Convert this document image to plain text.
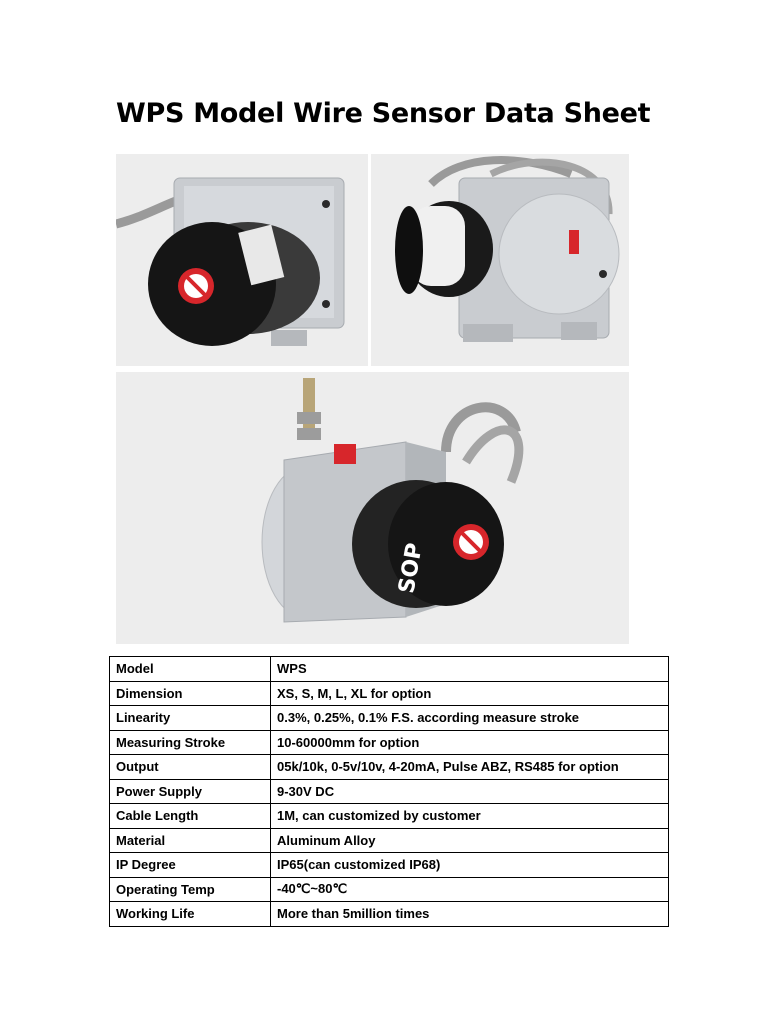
WPS Model Wire Sensor Data Sheet
SOP
Model	WPS
Dimension	XS, S, M, L, XL for option
Linearity	0.3%, 0.25%, 0.1% F.S. according measure stroke
Measuring Stroke	10-60000mm for option
Output	05k/10k, 0-5v/10v, 4-20mA, Pulse ABZ, RS485 for option
Power Supply	9-30V DC
Cable Length	1M, can customized by customer
Material	Aluminum Alloy
IP Degree	IP65(can customized IP68)
Operating Temp	-40℃~80℃
Working Life	More than 5million times
